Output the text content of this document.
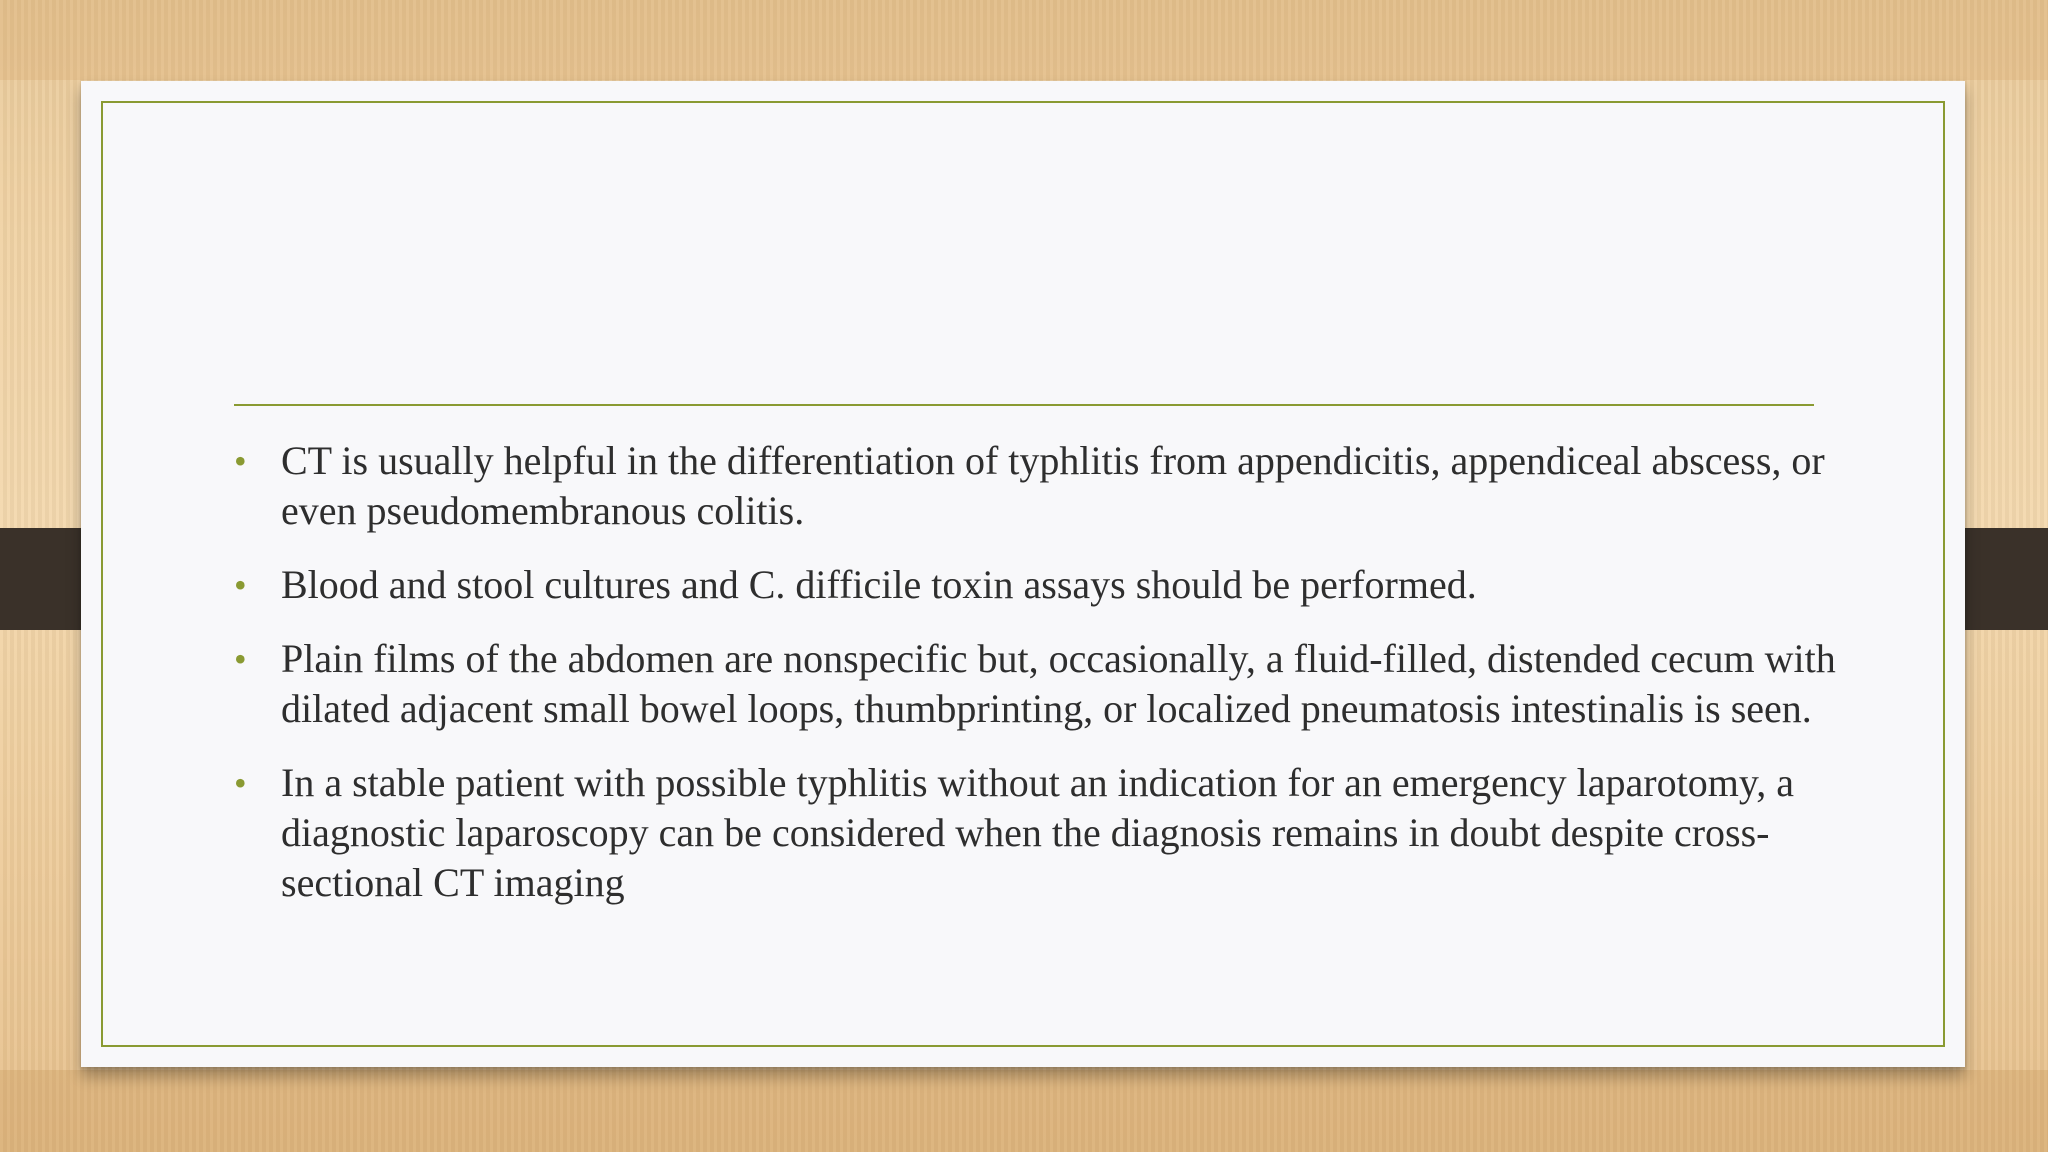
• CT is usually helpful in the differentiation of typhlitis from appendicitis, appendiceal abscess, or even pseudomembranous colitis.
• Blood and stool cultures and C. difficile toxin assays should be performed.
• Plain films of the abdomen are nonspecific but, occasionally, a fluid-filled, distended cecum with dilated adjacent small bowel loops, thumbprinting, or localized pneumatosis intestinalis is seen.
• In a stable patient with possible typhlitis without an indication for an emergency laparotomy, a diagnostic laparoscopy can be considered when the diagnosis remains in doubt despite cross-sectional CT imaging
